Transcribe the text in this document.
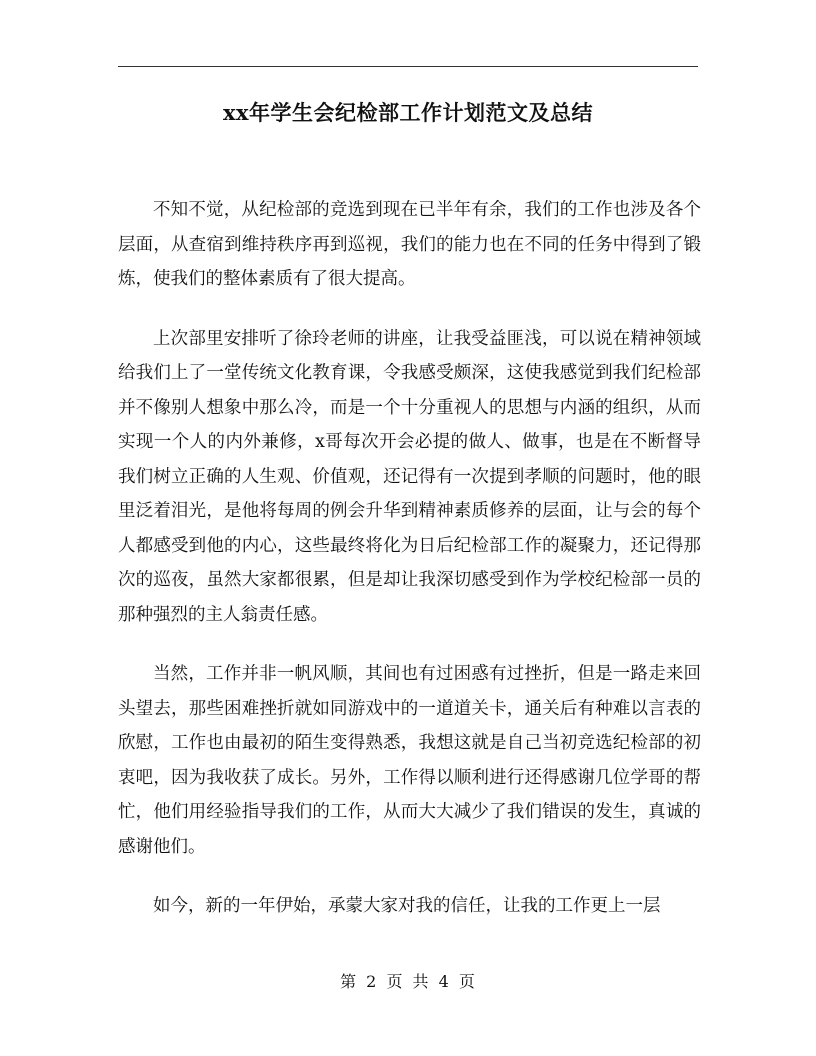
xx年学生会纪检部工作计划范文及总结

不知不觉，从纪检部的竞选到现在已半年有余，我们的工作也涉及各个层面，从查宿到维持秩序再到巡视，我们的能力也在不同的任务中得到了锻炼，使我们的整体素质有了很大提高。

上次部里安排听了徐玲老师的讲座，让我受益匪浅，可以说在精神领域给我们上了一堂传统文化教育课，令我感受颇深，这使我感觉到我们纪检部并不像别人想象中那么冷，而是一个十分重视人的思想与内涵的组织，从而实现一个人的内外兼修，x哥每次开会必提的做人、做事，也是在不断督导我们树立正确的人生观、价值观，还记得有一次提到孝顺的问题时，他的眼里泛着泪光，是他将每周的例会升华到精神素质修养的层面，让与会的每个人都感受到他的内心，这些最终将化为日后纪检部工作的凝聚力，还记得那次的巡夜，虽然大家都很累，但是却让我深切感受到作为学校纪检部一员的那种强烈的主人翁责任感。

当然，工作并非一帆风顺，其间也有过困惑有过挫折，但是一路走来回头望去，那些困难挫折就如同游戏中的一道道关卡，通关后有种难以言表的欣慰，工作也由最初的陌生变得熟悉，我想这就是自己当初竞选纪检部的初衷吧，因为我收获了成长。另外，工作得以顺利进行还得感谢几位学哥的帮忙，他们用经验指导我们的工作，从而大大减少了我们错误的发生，真诚的感谢他们。

如今，新的一年伊始，承蒙大家对我的信任，让我的工作更上一层

第 2 页 共 4 页
